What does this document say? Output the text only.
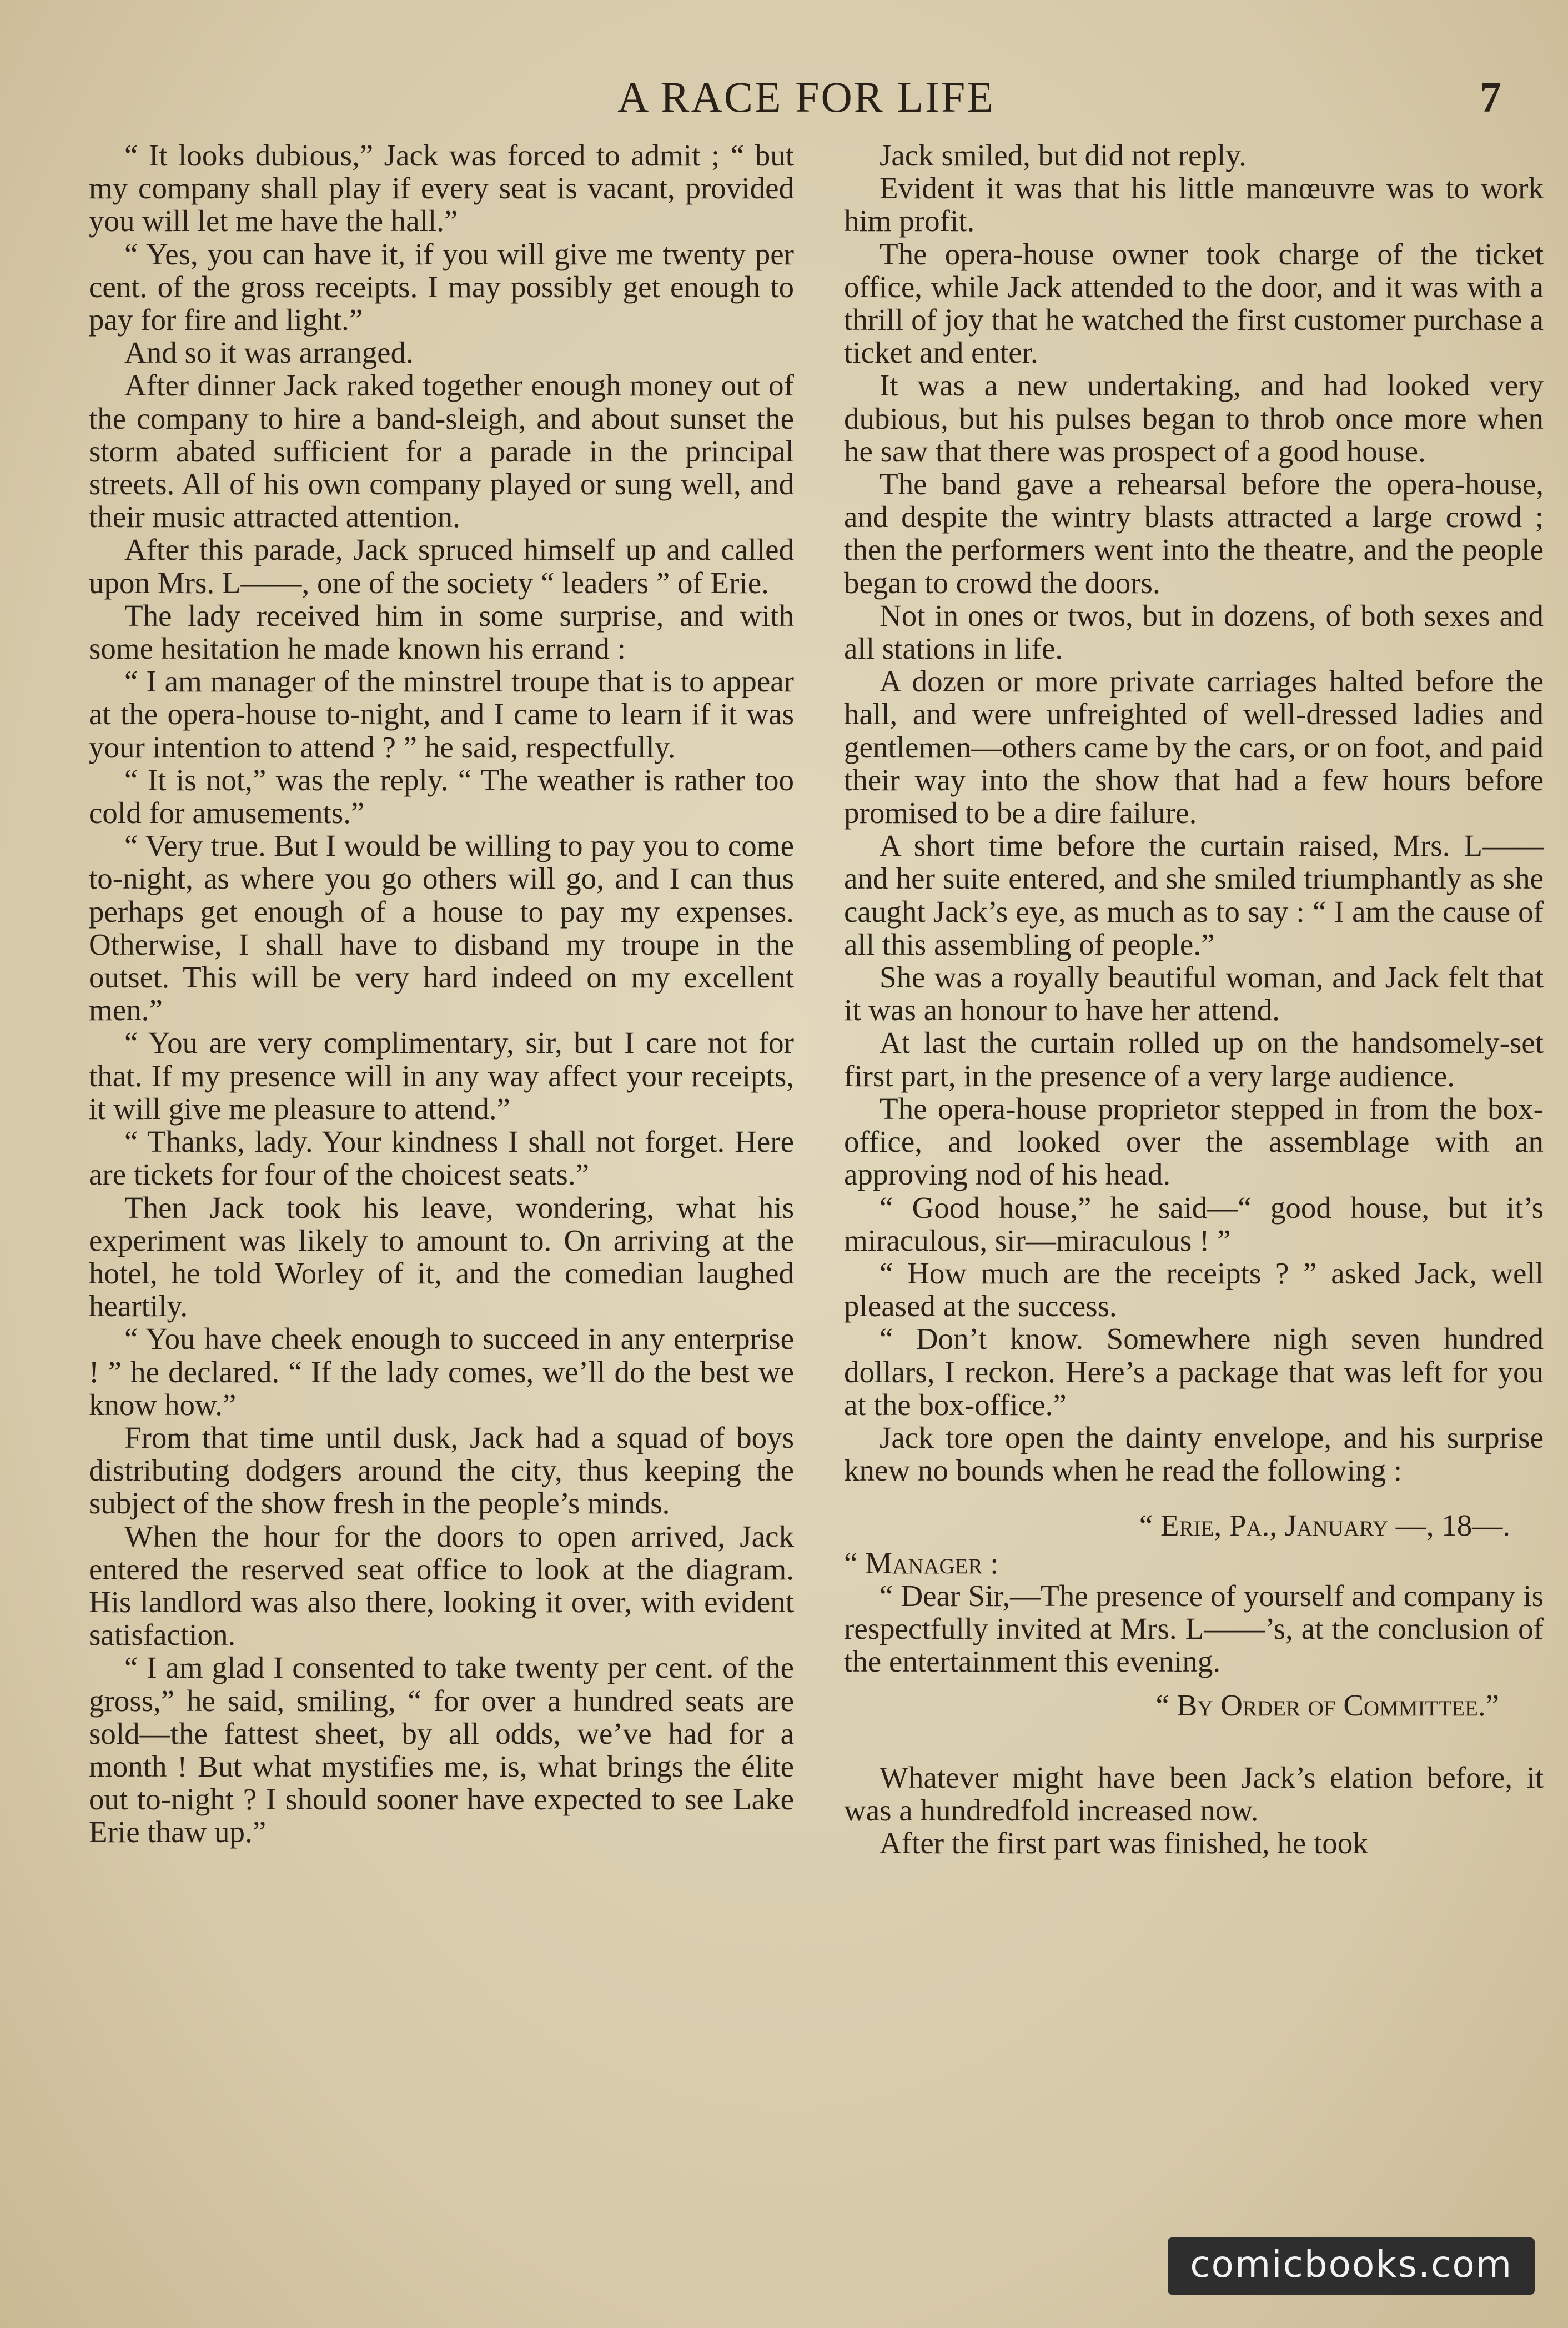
A RACE FOR LIFE	7

“ It looks dubious,” Jack was forced to admit ; “ but my company shall play if every seat is vacant, provided you will let me have the hall.”

“ Yes, you can have it, if you will give me twenty per cent. of the gross receipts. I may possibly get enough to pay for fire and light.”

And so it was arranged.

After dinner Jack raked together enough money out of the company to hire a band-sleigh, and about sunset the storm abated sufficient for a parade in the principal streets. All of his own company played or sung well, and their music attracted attention.

After this parade, Jack spruced himself up and called upon Mrs. L——, one of the society “ leaders ” of Erie.

The lady received him in some surprise, and with some hesitation he made known his errand :

“ I am manager of the minstrel troupe that is to appear at the opera-house to-night, and I came to learn if it was your intention to attend ? ” he said, respectfully.

“ It is not,” was the reply. “ The weather is rather too cold for amusements.”

“ Very true. But I would be willing to pay you to come to-night, as where you go others will go, and I can thus perhaps get enough of a house to pay my expenses. Otherwise, I shall have to disband my troupe in the outset. This will be very hard indeed on my excellent men.”

“ You are very complimentary, sir, but I care not for that. If my presence will in any way affect your receipts, it will give me pleasure to attend.”

“ Thanks, lady. Your kindness I shall not forget. Here are tickets for four of the choicest seats.”

Then Jack took his leave, wondering, what his experiment was likely to amount to. On arriving at the hotel, he told Worley of it, and the comedian laughed heartily.

“ You have cheek enough to succeed in any enterprise ! ” he declared. “ If the lady comes, we’ll do the best we know how.”

From that time until dusk, Jack had a squad of boys distributing dodgers around the city, thus keeping the subject of the show fresh in the people’s minds.

When the hour for the doors to open arrived, Jack entered the reserved seat office to look at the diagram. His landlord was also there, looking it over, with evident satisfaction.

“ I am glad I consented to take twenty per cent. of the gross,” he said, smiling, “ for over a hundred seats are sold—the fattest sheet, by all odds, we’ve had for a month ! But what mystifies me, is, what brings the élite out to-night ? I should sooner have expected to see Lake Erie thaw up.”

Jack smiled, but did not reply.

Evident it was that his little manœuvre was to work him profit.

The opera-house owner took charge of the ticket office, while Jack attended to the door, and it was with a thrill of joy that he watched the first customer purchase a ticket and enter.

It was a new undertaking, and had looked very dubious, but his pulses began to throb once more when he saw that there was prospect of a good house.

The band gave a rehearsal before the opera-house, and despite the wintry blasts attracted a large crowd ; then the performers went into the theatre, and the people began to crowd the doors.

Not in ones or twos, but in dozens, of both sexes and all stations in life.

A dozen or more private carriages halted before the hall, and were unfreighted of well-dressed ladies and gentlemen—others came by the cars, or on foot, and paid their way into the show that had a few hours before promised to be a dire failure.

A short time before the curtain raised, Mrs. L—— and her suite entered, and she smiled triumphantly as she caught Jack’s eye, as much as to say : “ I am the cause of all this assembling of people.”

She was a royally beautiful woman, and Jack felt that it was an honour to have her attend.

At last the curtain rolled up on the handsomely-set first part, in the presence of a very large audience.

The opera-house proprietor stepped in from the box-office, and looked over the assemblage with an approving nod of his head.

“ Good house,” he said—“ good house, but it’s miraculous, sir—miraculous ! ”

“ How much are the receipts ? ” asked Jack, well pleased at the success.

“ Don’t know. Somewhere nigh seven hundred dollars, I reckon. Here’s a package that was left for you at the box-office.”

Jack tore open the dainty envelope, and his surprise knew no bounds when he read the following :

“ Erie, Pa., January —, 18—.
“ Manager :

“ Dear Sir,—The presence of yourself and company is respectfully invited at Mrs. L——’s, at the conclusion of the entertainment this evening.

“ By Order of Committee.”

Whatever might have been Jack’s elation before, it was a hundredfold increased now.

After the first part was finished, he took

comicbooks.com
